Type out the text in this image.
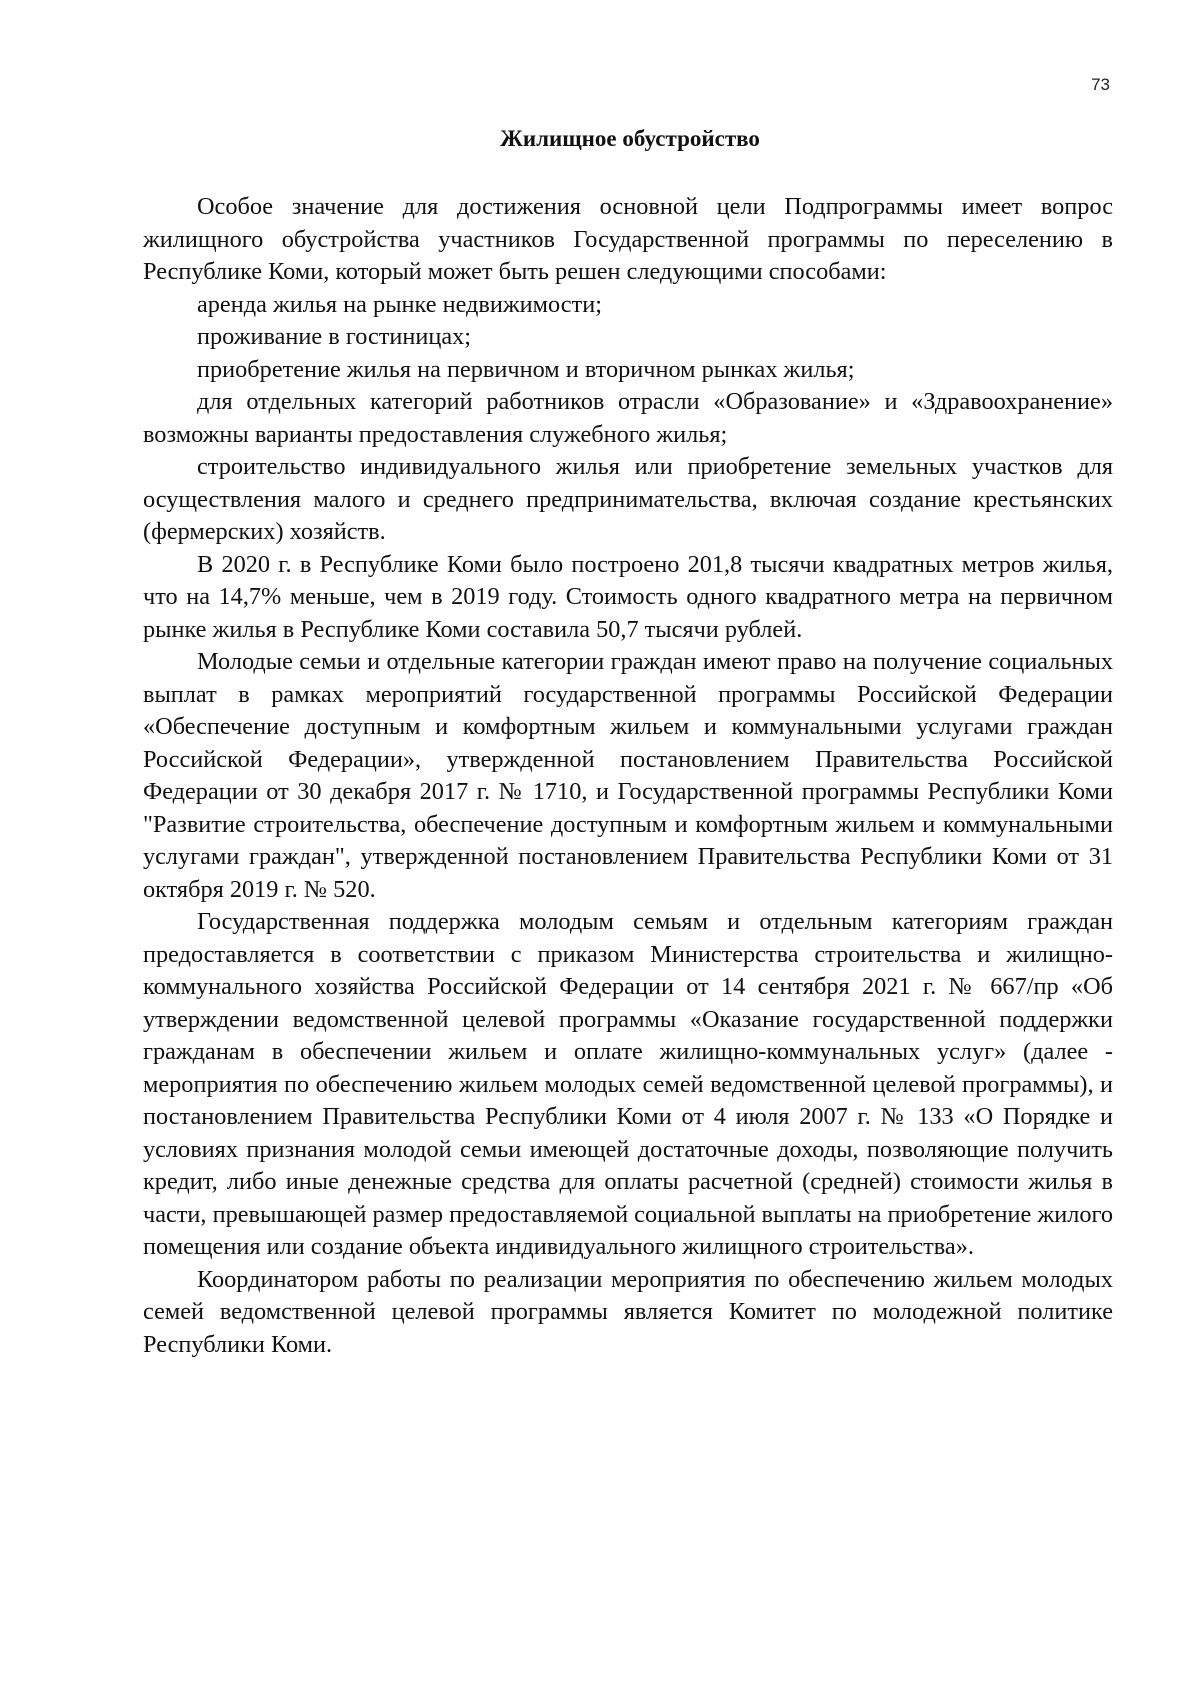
73
Жилищное обустройство

Особое значение для достижения основной цели Подпрограммы имеет вопрос жилищного обустройства участников Государственной программы по переселению в Республике Коми, который может быть решен следующими способами:

аренда жилья на рынке недвижимости;

проживание в гостиницах;

приобретение жилья на первичном и вторичном рынках жилья;

для отдельных категорий работников отрасли «Образование» и «Здравоохранение» возможны варианты предоставления служебного жилья;

строительство индивидуального жилья или приобретение земельных участков для осуществления малого и среднего предпринимательства, включая создание крестьянских (фермерских) хозяйств.

В 2020 г. в Республике Коми было построено 201,8 тысячи квадратных метров жилья, что на 14,7% меньше, чем в 2019 году. Стоимость одного квадратного метра на первичном рынке жилья в Республике Коми составила 50,7 тысячи рублей.

Молодые семьи и отдельные категории граждан имеют право на получение социальных выплат в рамках мероприятий государственной программы Российской Федерации «Обеспечение доступным и комфортным жильем и коммунальными услугами граждан Российской Федерации», утвержденной постановлением Правительства Российской Федерации от 30 декабря 2017 г. № 1710, и Государственной программы Республики Коми "Развитие строительства, обеспечение доступным и комфортным жильем и коммунальными услугами граждан", утвержденной постановлением Правительства Республики Коми от 31 октября 2019 г. № 520.

Государственная поддержка молодым семьям и отдельным категориям граждан предоставляется в соответствии с приказом Министерства строительства и жилищно-коммунального хозяйства Российской Федерации от 14 сентября 2021 г. № 667/пр «Об утверждении ведомственной целевой программы «Оказание государственной поддержки гражданам в обеспечении жильем и оплате жилищно-коммунальных услуг» (далее - мероприятия по обеспечению жильем молодых семей ведомственной целевой программы), и постановлением Правительства Республики Коми от 4 июля 2007 г. № 133 «О Порядке и условиях признания молодой семьи имеющей достаточные доходы, позволяющие получить кредит, либо иные денежные средства для оплаты расчетной (средней) стоимости жилья в части, превышающей размер предоставляемой социальной выплаты на приобретение жилого помещения или создание объекта индивидуального жилищного строительства».

Координатором работы по реализации мероприятия по обеспечению жильем молодых семей ведомственной целевой программы является Комитет по молодежной политике Республики Коми.
